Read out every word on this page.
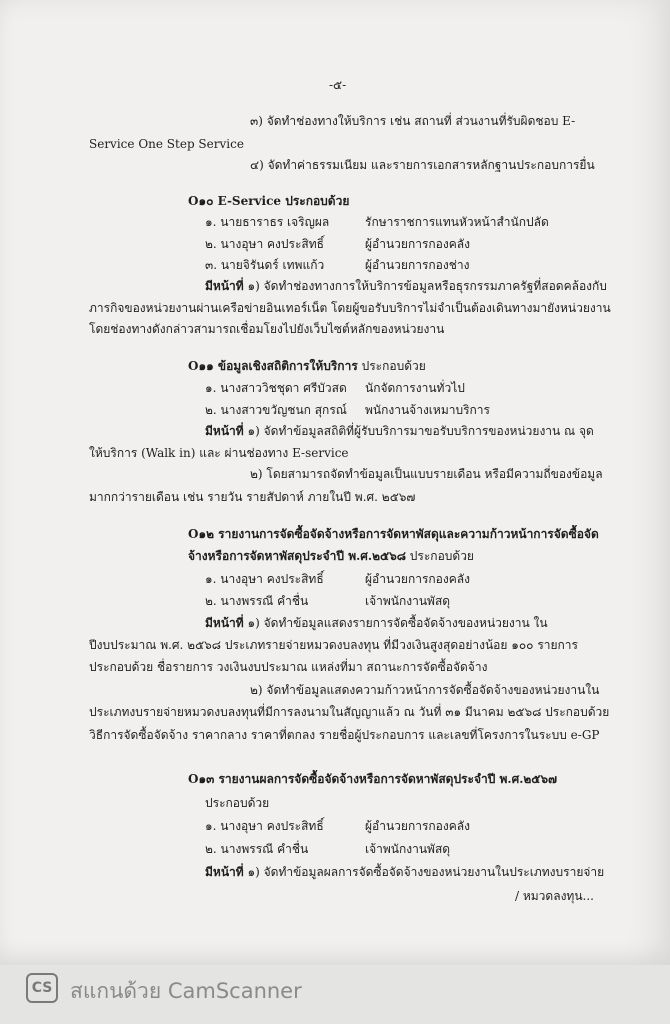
-๕-
๓) จัดทำช่องทางให้บริการ เช่น สถานที่ ส่วนงานที่รับผิดชอบ E-
Service One Step Service
๔) จัดทำค่าธรรมเนียม และรายการเอกสารหลักฐานประกอบการยื่น
O๑๐ E-Service ประกอบด้วย
๑. นายธาราธร เจริญผล	รักษาราชการแทนหัวหน้าสำนักปลัด
๒. นางอุษา คงประสิทธิ์	ผู้อำนวยการกองคลัง
๓. นายจิรันดร์ เทพแก้ว	ผู้อำนวยการกองช่าง
มีหน้าที่ ๑) จัดทำช่องทางการให้บริการข้อมูลหรือธุรกรรมภาครัฐที่สอดคล้องกับ
ภารกิจของหน่วยงานผ่านเครือข่ายอินเทอร์เน็ต โดยผู้ขอรับบริการไม่จำเป็นต้องเดินทางมายังหน่วยงาน
โดยช่องทางดังกล่าวสามารถเชื่อมโยงไปยังเว็บไซต์หลักของหน่วยงาน
O๑๑ ข้อมูลเชิงสถิติการให้บริการ ประกอบด้วย
๑. นางสาววิชชุดา ศรีบัวสด นักจัดการงานทั่วไป
๒. นางสาวขวัญชนก สุกรณ์ พนักงานจ้างเหมาบริการ
มีหน้าที่ ๑) จัดทำข้อมูลสถิติที่ผู้รับบริการมาขอรับบริการของหน่วยงาน ณ จุด
ให้บริการ (Walk in) และ ผ่านช่องทาง E-service
๒) โดยสามารถจัดทำข้อมูลเป็นแบบรายเดือน หรือมีความถี่ของข้อมูล
มากกว่ารายเดือน เช่น รายวัน รายสัปดาห์ ภายในปี พ.ศ. ๒๕๖๗
O๑๒ รายงานการจัดซื้อจัดจ้างหรือการจัดหาพัสดุและความก้าวหน้าการจัดซื้อจัด
จ้างหรือการจัดหาพัสดุประจำปี พ.ศ.๒๕๖๘ ประกอบด้วย
๑. นางอุษา คงประสิทธิ์	ผู้อำนวยการกองคลัง
๒. นางพรรณี คำชื่น	เจ้าพนักงานพัสดุ
มีหน้าที่ ๑) จัดทำข้อมูลแสดงรายการจัดซื้อจัดจ้างของหน่วยงาน ใน
ปีงบประมาณ พ.ศ. ๒๕๖๘ ประเภทรายจ่ายหมวดงบลงทุน ที่มีวงเงินสูงสุดอย่างน้อย ๑๐๐ รายการ
ประกอบด้วย ชื่อรายการ วงเงินงบประมาณ แหล่งที่มา สถานะการจัดซื้อจัดจ้าง
๒) จัดทำข้อมูลแสดงความก้าวหน้าการจัดซื้อจัดจ้างของหน่วยงานใน
ประเภทงบรายจ่ายหมวดงบลงทุนที่มีการลงนามในสัญญาแล้ว ณ วันที่ ๓๑ มีนาคม ๒๕๖๘ ประกอบด้วย
วิธีการจัดซื้อจัดจ้าง ราคากลาง ราคาที่ตกลง รายชื่อผู้ประกอบการ และเลขที่โครงการในระบบ e-GP
O๑๓ รายงานผลการจัดซื้อจัดจ้างหรือการจัดหาพัสดุประจำปี พ.ศ.๒๕๖๗
ประกอบด้วย
๑. นางอุษา คงประสิทธิ์	ผู้อำนวยการกองคลัง
๒. นางพรรณี คำชื่น	เจ้าพนักงานพัสดุ
มีหน้าที่ ๑) จัดทำข้อมูลผลการจัดซื้อจัดจ้างของหน่วยงานในประเภทงบรายจ่าย
/ หมวดลงทุน...
CS สแกนด้วย CamScanner
